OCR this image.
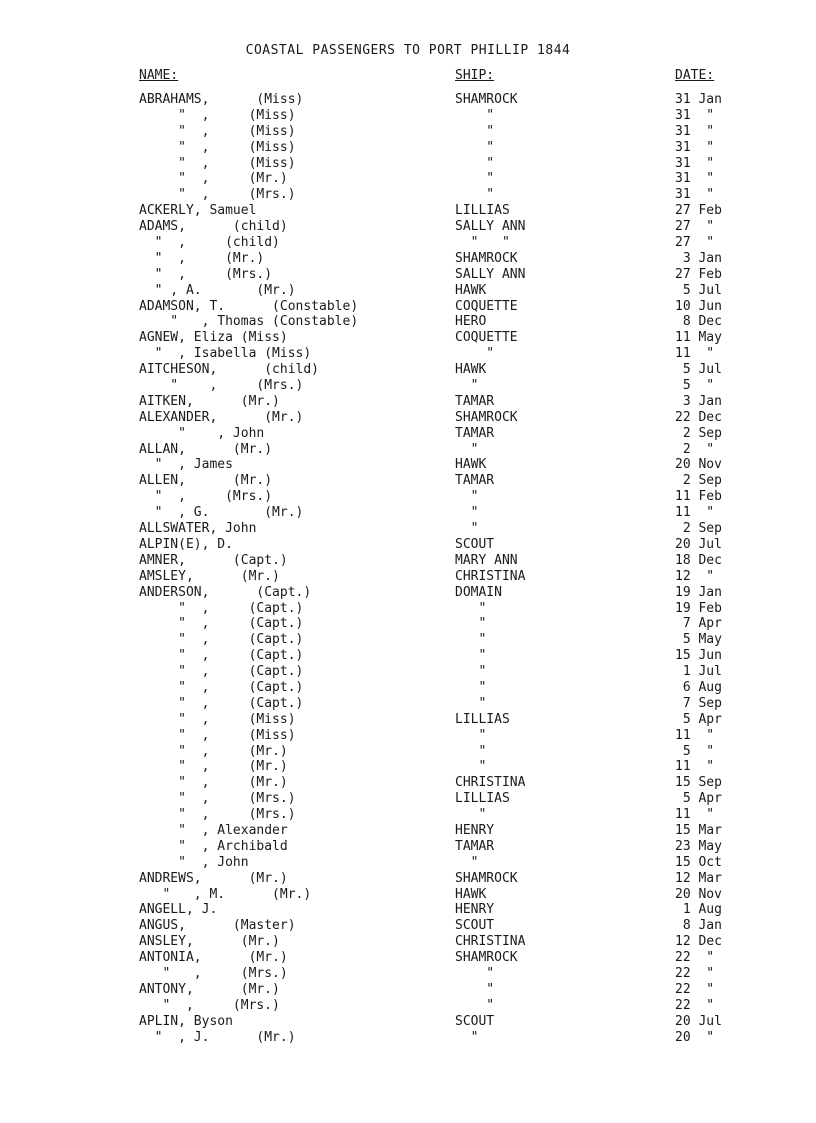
COASTAL PASSENGERS TO PORT PHILLIP 1844
NAME:	SHIP:	DATE:
ABRAHAMS,      (Miss)	SHAMROCK	31 Jan
"  ,     (Miss)	"	31  "
"  ,     (Miss)	"	31  "
"  ,     (Miss)	"	31  "
"  ,     (Miss)	"	31  "
"  ,     (Mr.)	"	31  "
"  ,     (Mrs.)	"	31  "
ACKERLY, Samuel	LILLIAS	27 Feb
ADAMS,      (child)	SALLY ANN	27  "
"  ,     (child)	"   "	27  "
"  ,     (Mr.)	SHAMROCK	3 Jan
"  ,     (Mrs.)	SALLY ANN	27 Feb
" , A.       (Mr.)	HAWK	5 Jul
ADAMSON, T.      (Constable)	COQUETTE	10 Jun
"   , Thomas (Constable)	HERO	8 Dec
AGNEW, Eliza (Miss)	COQUETTE	11 May
"  , Isabella (Miss)	"	11  "
AITCHESON,      (child)	HAWK	5 Jul
"    ,     (Mrs.)	"	5  "
AITKEN,      (Mr.)	TAMAR	3 Jan
ALEXANDER,      (Mr.)	SHAMROCK	22 Dec
"    , John	TAMAR	2 Sep
ALLAN,      (Mr.)	"	2  "
"  , James	HAWK	20 Nov
ALLEN,      (Mr.)	TAMAR	2 Sep
"  ,     (Mrs.)	"	11 Feb
"  , G.       (Mr.)	"	11  "
ALLSWATER, John	"	2 Sep
ALPIN(E), D.	SCOUT	20 Jul
AMNER,      (Capt.)	MARY ANN	18 Dec
AMSLEY,      (Mr.)	CHRISTINA	12  "
ANDERSON,      (Capt.)	DOMAIN	19 Jan
"  ,     (Capt.)	"	19 Feb
"  ,     (Capt.)	"	7 Apr
"  ,     (Capt.)	"	5 May
"  ,     (Capt.)	"	15 Jun
"  ,     (Capt.)	"	1 Jul
"  ,     (Capt.)	"	6 Aug
"  ,     (Capt.)	"	7 Sep
"  ,     (Miss)	LILLIAS	5 Apr
"  ,     (Miss)	"	11  "
"  ,     (Mr.)	"	5  "
"  ,     (Mr.)	"	11  "
"  ,     (Mr.)	CHRISTINA	15 Sep
"  ,     (Mrs.)	LILLIAS	5 Apr
"  ,     (Mrs.)	"	11  "
"  , Alexander	HENRY	15 Mar
"  , Archibald	TAMAR	23 May
"  , John	"	15 Oct
ANDREWS,      (Mr.)	SHAMROCK	12 Mar
"   , M.      (Mr.)	HAWK	20 Nov
ANGELL, J.	HENRY	1 Aug
ANGUS,      (Master)	SCOUT	8 Jan
ANSLEY,      (Mr.)	CHRISTINA	12 Dec
ANTONIA,      (Mr.)	SHAMROCK	22  "
"   ,     (Mrs.)	"	22  "
ANTONY,      (Mr.)	"	22  "
"  ,     (Mrs.)	"	22  "
APLIN, Byson	SCOUT	20 Jul
"  , J.      (Mr.)	"	20  "
